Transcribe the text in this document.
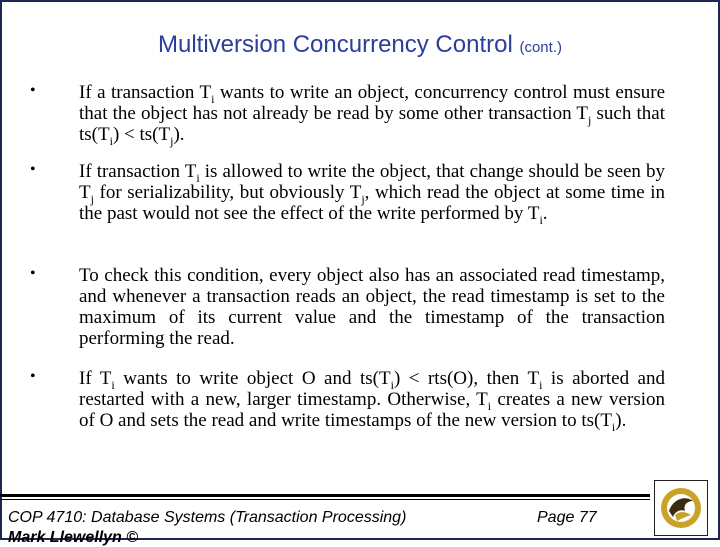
Multiversion Concurrency Control (cont.)
• If a transaction $T_i$ wants to write an object, concurrency control must ensure that the object has not already be read by some other transaction $T_j$ such that $ts(T_i) < ts(T_j)$.
• If transaction $T_i$ is allowed to write the object, that change should be seen by $T_j$ for serializability, but obviously $T_j$, which read the object at some time in the past would not see the effect of the write performed by $T_i$.
• To check this condition, every object also has an associated read timestamp, and whenever a transaction reads an object, the read timestamp is set to the maximum of its current value and the timestamp of the transaction performing the read.
• If $T_i$ wants to write object O and $ts(T_i) < rts(O)$, then $T_i$ is aborted and restarted with a new, larger timestamp. Otherwise, $T_i$ creates a new version of O and sets the read and write timestamps of the new version to $ts(T_i)$.
COP 4710: Database Systems (Transaction Processing)	Page 77
Mark Llewellyn ©
